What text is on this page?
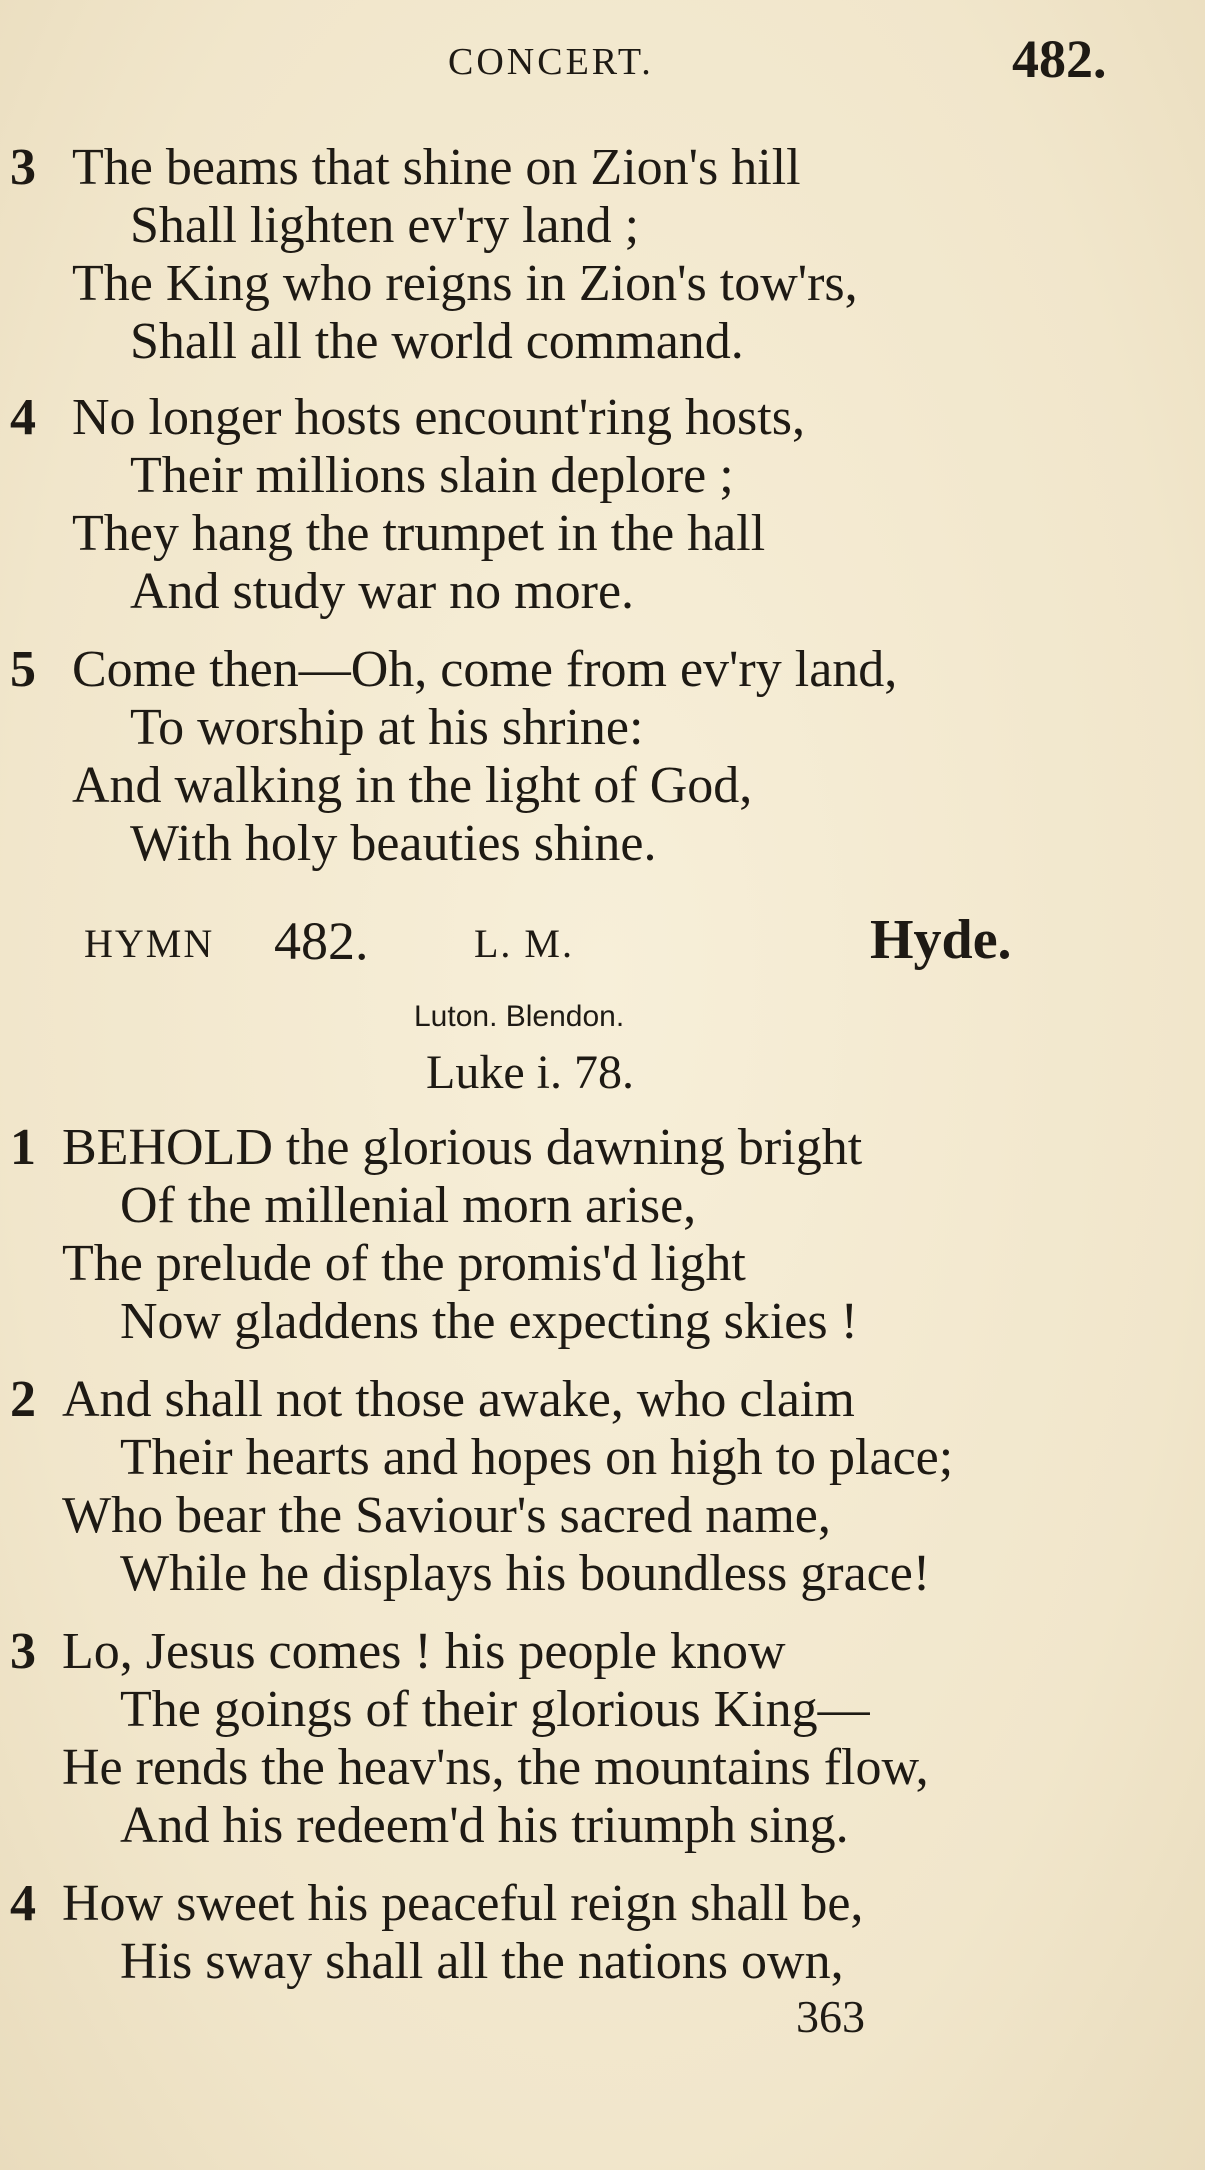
CONCERT.	482.
3 The beams that shine on Zion's hill
Shall lighten ev'ry land ;
The King who reigns in Zion's tow'rs,
Shall all the world command.
4 No longer hosts encount'ring hosts,
Their millions slain deplore ;
They hang the trumpet in the hall
And study war no more.
5 Come then—Oh, come from ev'ry land,
To worship at his shrine:
And walking in the light of God,
With holy beauties shine.
HYMN 482.	L. M.	Hyde.
Luton. Blendon.
Luke i. 78.
1 BEHOLD the glorious dawning bright
Of the millenial morn arise,
The prelude of the promis'd light
Now gladdens the expecting skies !
2 And shall not those awake, who claim
Their hearts and hopes on high to place;
Who bear the Saviour's sacred name,
While he displays his boundless grace!
3 Lo, Jesus comes ! his people know
The goings of their glorious King—
He rends the heav'ns, the mountains flow,
And his redeem'd his triumph sing.
4 How sweet his peaceful reign shall be,
His sway shall all the nations own,
363
